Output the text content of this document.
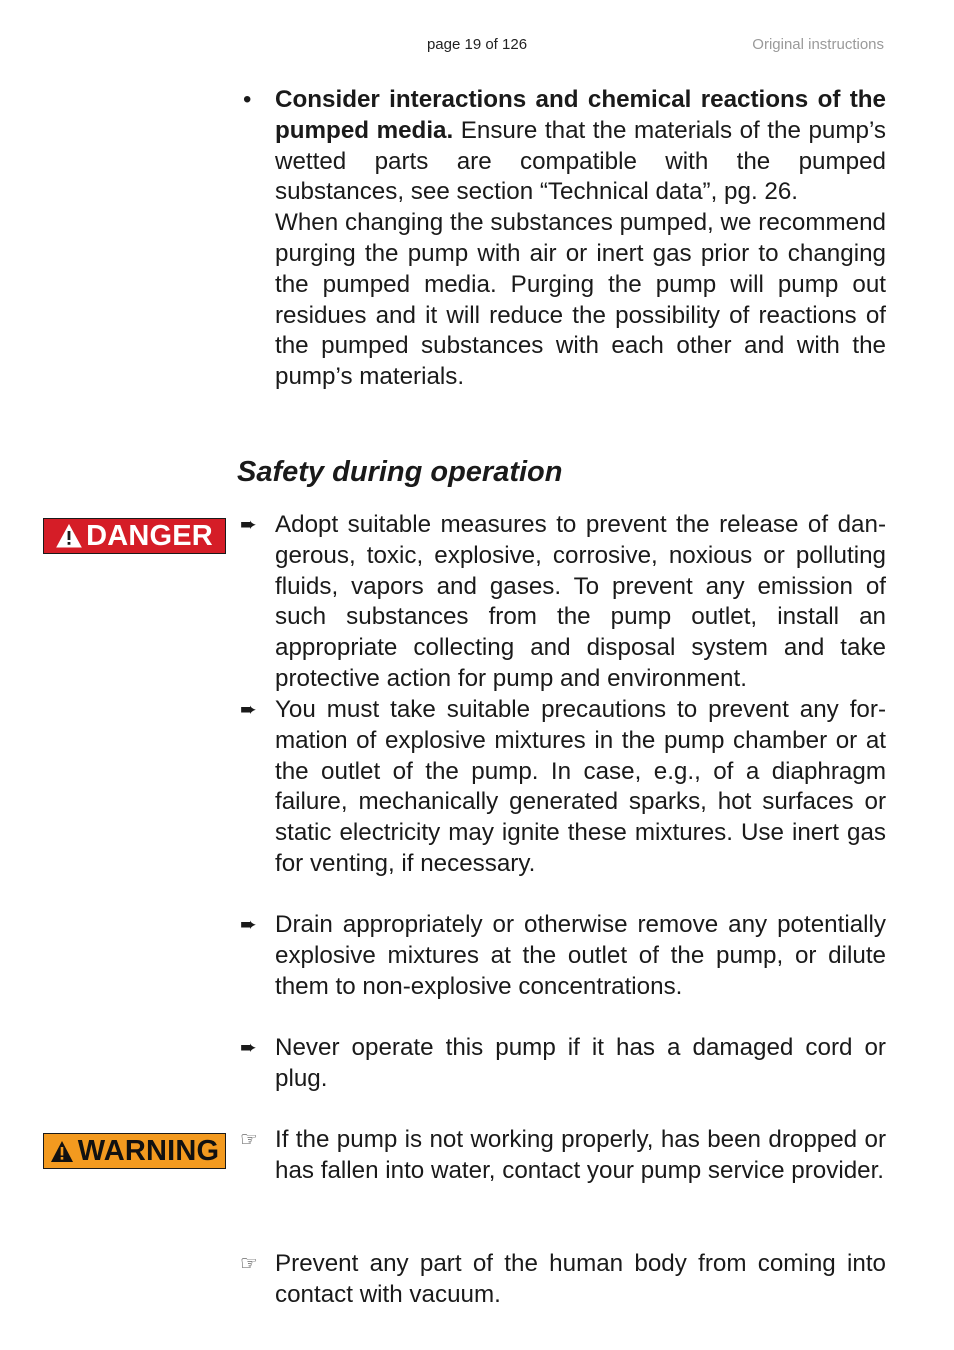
page 19 of 126	Original instructions
• Consider interactions and chemical reactions of the pumped media. Ensure that the materials of the pump’s wetted parts are compatible with the pumped substances, see section “Technical data”, pg. 26.
When changing the substances pumped, we recommend purging the pump with air or inert gas prior to changing the pumped media. Purging the pump will pump out residues and it will reduce the possibility of reactions of the pumped substances with each other and with the pump’s materials.
Safety during operation
DANGER
WARNING
➨ Adopt suitable measures to prevent the release of dangerous, toxic, explosive, corrosive, noxious or polluting fluids, vapors and gases. To prevent any emission of such substances from the pump outlet, install an appropriate collecting and disposal system and take protective action for pump and environment.
➨ You must take suitable precautions to prevent any formation of explosive mixtures in the pump chamber or at the outlet of the pump. In case, e.g., of a diaphragm failure, mechanically generated sparks, hot surfaces or static electricity may ignite these mixtures. Use inert gas for venting, if necessary.
➨ Drain appropriately or otherwise remove any potentially explosive mixtures at the outlet of the pump, or dilute them to non-explosive concentrations.
➨ Never operate this pump if it has a damaged cord or plug.
☞ If the pump is not working properly, has been dropped or has fallen into water, contact your pump service provider.
☞ Prevent any part of the human body from coming into contact with vacuum.
